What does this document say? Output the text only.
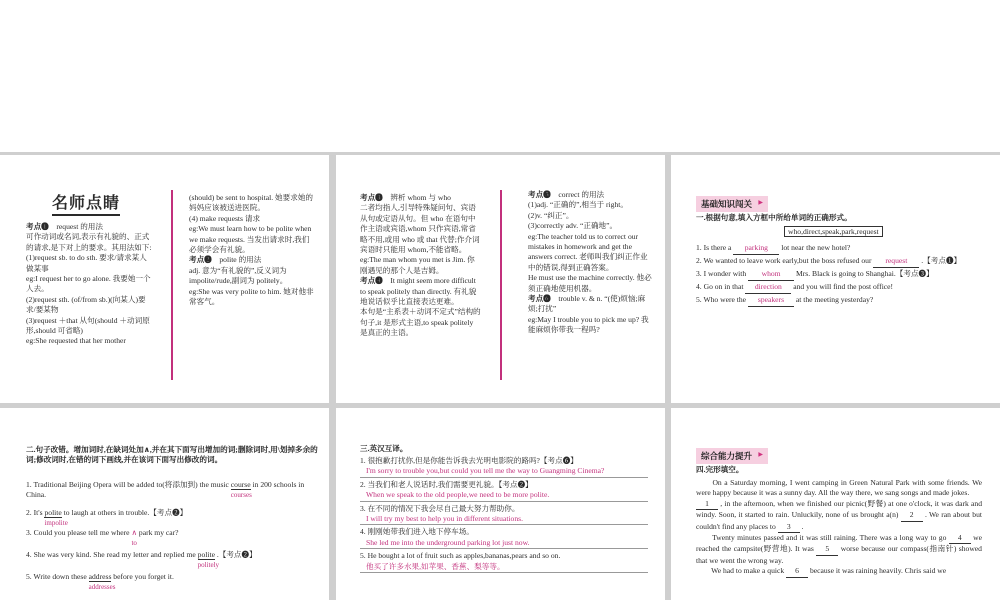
名师点睛

考点❶　request 的用法

可作动词或名词,表示有礼貌的、正式的请求,是下对上的要求。其用法如下:

(1)request sb. to do sth. 要求/请求某人做某事

eg:I request her to go alone. 我要她一个人去。

(2)request sth. (of/from sb.)(向某人)要求/要某物

(3)request ＋that 从句(should ＋动词原形,should 可省略)

eg:She requested that her mother

(should) be sent to hospital. 她要求她的妈妈应该被送进医院。

(4) make requests 请求

eg:We must learn how to be polite when we make requests. 当发出请求时,我们必须学会有礼貌。

考点❷　polite 的用法

adj. 意为“有礼貌的”,反义词为 impolite/rude,副词为 politely。

eg:She was very polite to him. 她对他非常客气。

考点❸　辨析 whom 与 who

二者均指人,引导特殊疑问句、宾语从句或定语从句。但 who 在语句中作主语或宾语,whom 只作宾语,常省略不用,或用 who 或 that 代替;作介词宾语时只能用 whom,不能省略。

eg:The man whom you met is Jim. 你刚遇见的那个人是吉姆。

考点❹　It might seem more difficult to speak politely than directly. 有礼貌地说话似乎比直接表达更难。

本句是“主系表＋动词不定式”结构的句子,it 是形式主语,to speak politely 是真正的主语。

考点❺　correct 的用法

(1)adj. “正确的”,相当于 right。

(2)v. “纠正”。

(3)correctly adv. “正确地”。

eg:The teacher told us to correct our mistakes in homework and get the answers correct. 老师叫我们纠正作业中的错误,得到正确答案。

He must use the machine correctly. 他必须正确地使用机器。

考点❻　trouble v. & n. “(使)烦恼;麻烦;打扰”

eg:May I trouble you to pick me up? 我能麻烦你带我一程吗?

基础知识闯关 ▶

一.根据句意,填入方框中所给单词的正确形式。

who,direct,speak,park,request

1. Is there a parking lot near the new hotel?

2. We wanted to leave work early,but the boss refused our request .【考点❶】

3. I wonder with whom Mrs. Black is going to Shanghai.【考点❸】

4. Go on in that direction and you will find the post office!

5. Who were the speakers at the meeting yesterday?

二.句子改错。增加词时,在缺词处加∧,并在其下面写出增加的词;删除词时,用\划掉多余的词;修改词时,在错的词下画线,并在该词下面写出修改的词。
1. Traditional Beijing Opera will be added to(将添加到) the music course
courses
in 200 schools in China.
2. It's polite
impolite
to laugh at others in trouble.【考点❷】
3. Could you please tell me where ∧
to
park my car?
4. She was very kind. She read my letter and replied me polite
politely
.【考点❷】
5. Write down these address
addresses
before you forget it.
三.英汉互译。

1. 很抱歉打扰你,但是你能告诉我去光明电影院的路吗?【考点❻】

I'm sorry to trouble you,but could you tell me the way to Guangming Cinema?

2. 当我们和老人说话时,我们需要更礼貌。【考点❷】

When we speak to the old people,we need to be more polite.

3. 在不同的情况下我会尽自己最大努力帮助你。

I will try my best to help you in different situations.

4. 刚刚她带我们进入地下停车场。

She led me into the underground parking lot just now.

5. He bought a lot of fruit such as apples,bananas,pears and so on.

他买了许多水果,如苹果、香蕉、梨等等。
综合能力提升 ▶
四.完形填空。

　　On a Saturday morning, I went camping in Green Natural Park with some friends. We were happy because it was a sunny day. All the way there, we sang songs and made jokes.

1 , in the afternoon, when we finished our picnic(野餐) at one o'clock, it was dark and windy. Soon, it started to rain. Unluckily, none of us brought a(n) 2 . We ran about but couldn't find any places to 3 .

　　Twenty minutes passed and it was still raining. There was a long way to go 4 we reached the campsite(野营地). It was 5 worse because our compass(指南针) showed that we went the wrong way.

　　We had to make a quick 6 because it was raining heavily. Chris said we
